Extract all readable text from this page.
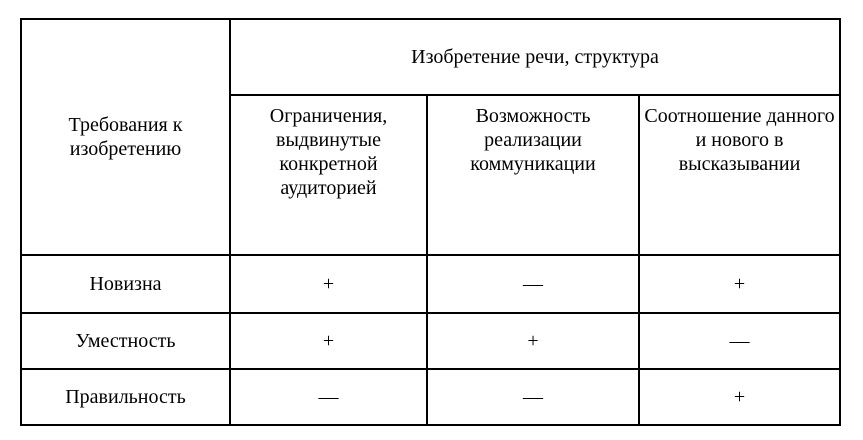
Требования к изобретению	Изобретение речи, структура		
	Ограничения, выдвинутые конкретной аудиторией	Возможность реализации коммуникации	Соотношение данного и нового в высказывании
Новизна	+	—	+
Уместность	+	+	—
Правильность	—	—	+
